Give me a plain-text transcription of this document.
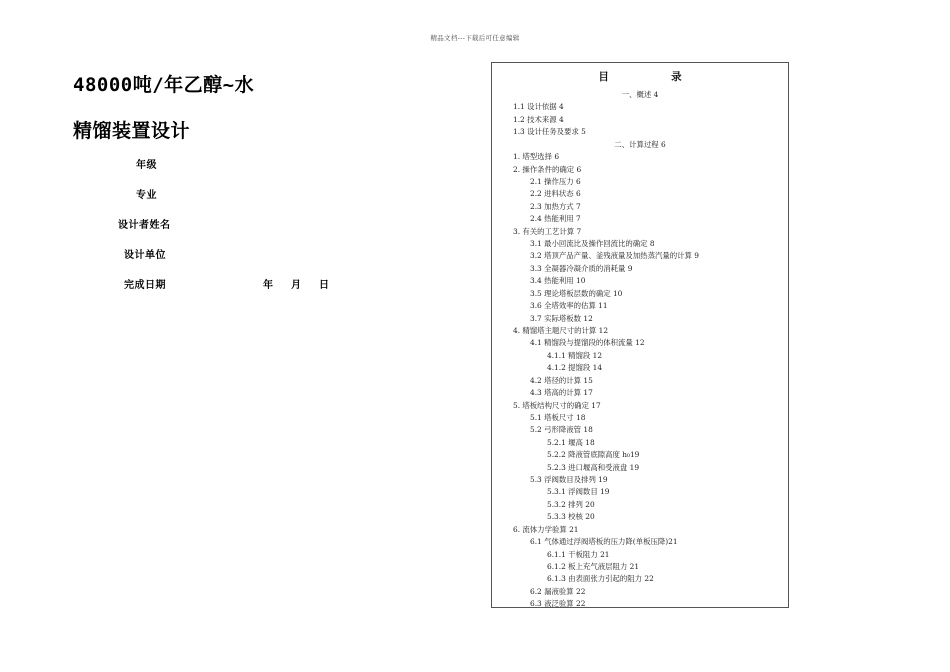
精品文档---下载后可任意编辑
48000吨/年乙醇~水
精馏装置设计
年级
专业
设计者姓名
设计单位
完成日期	年 月 日
目 录
一、概述 4
1.1 设计依据 4
1.2 技术来源 4
1.3 设计任务及要求 5
二、计算过程 6
1. 塔型选择 6
2. 操作条件的确定 6
2.1 操作压力 6
2.2 进料状态 6
2.3 加热方式 7
2.4 热能利用 7
3. 有关的工艺计算 7
3.1 最小回流比及操作回流比的确定 8
3.2 塔顶产品产量、釜残液量及加热蒸汽量的计算 9
3.3 全凝器冷凝介质的消耗量 9
3.4 热能利用 10
3.5 理论塔板层数的确定 10
3.6 全塔效率的估算 11
3.7 实际塔板数 12
4. 精馏塔主题尺寸的计算 12
4.1 精馏段与提馏段的体积流量 12
4.1.1 精馏段 12
4.1.2 提馏段 14
4.2 塔径的计算 15
4.3 塔高的计算 17
5. 塔板结构尺寸的确定 17
5.1 塔板尺寸 18
5.2 弓形降液管 18
5.2.1 堰高 18
5.2.2 降液管底隙高度 h₀19
5.2.3 进口堰高和受液盘 19
5.3 浮阀数目及排列 19
5.3.1 浮阀数目 19
5.3.2 排列 20
5.3.3 校核 20
6. 流体力学验算 21
6.1 气体通过浮阀塔板的压力降(单板压降)21
6.1.1 干板阻力 21
6.1.2 板上充气液层阻力 21
6.1.3 由表面张力引起的阻力 22
6.2 漏液验算 22
6.3 液泛验算 22
